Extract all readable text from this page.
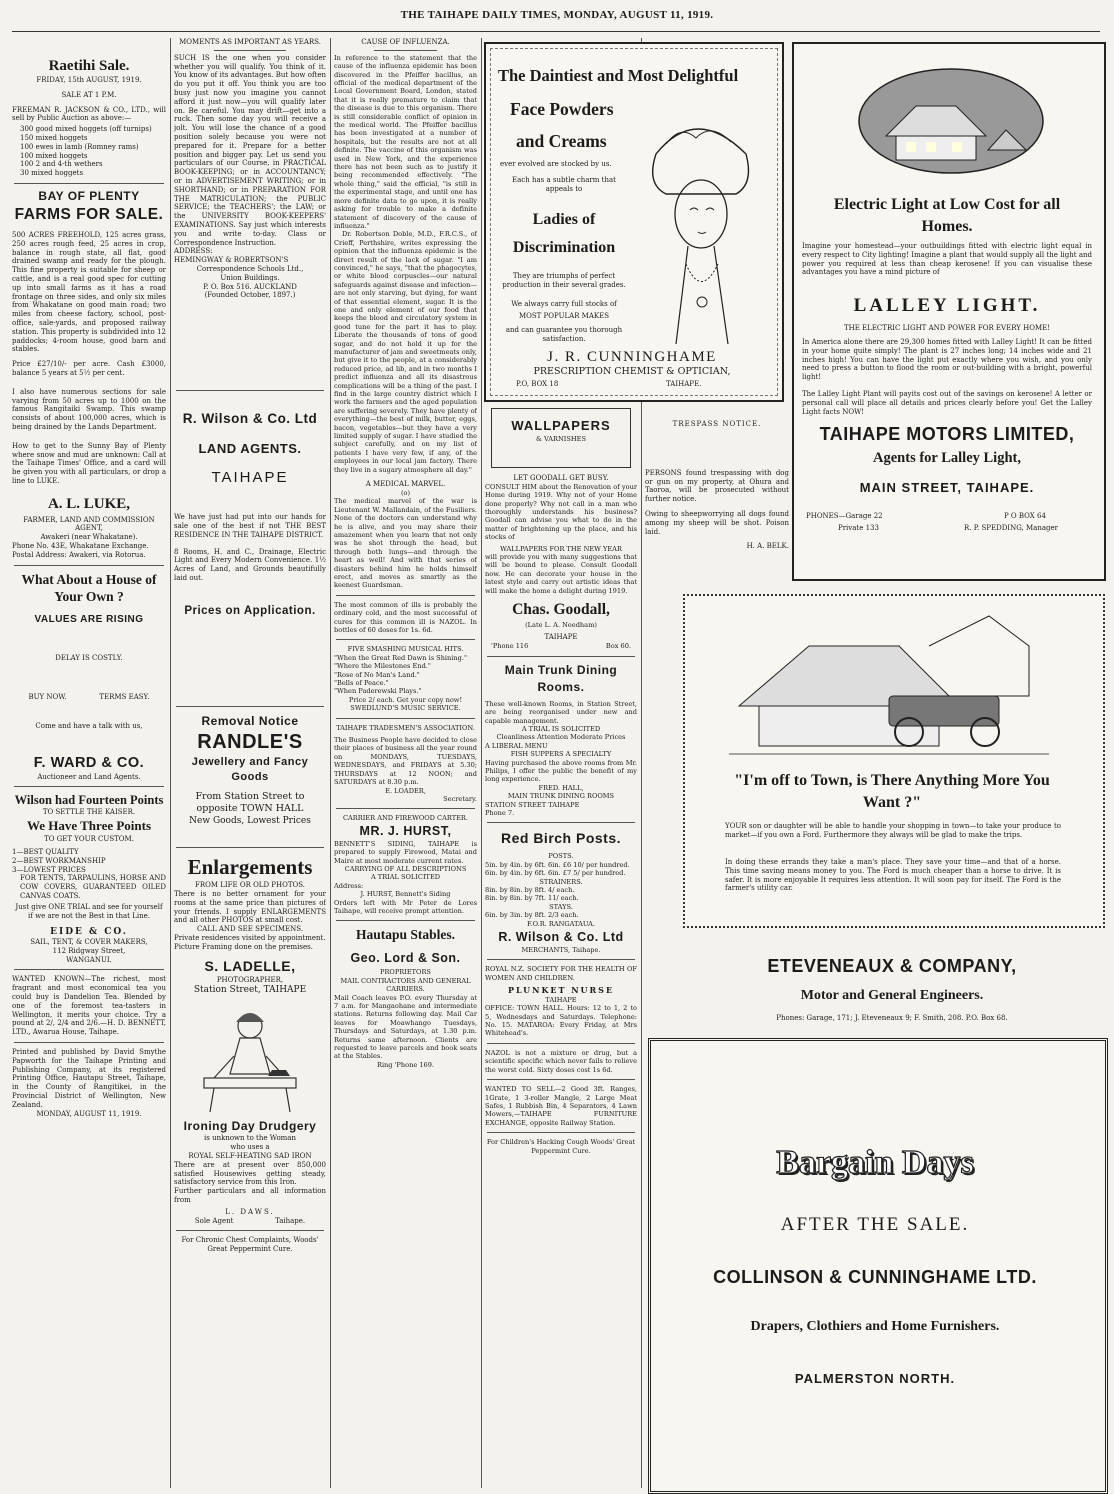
THE TAIHAPE DAILY TIMES, MONDAY, AUGUST 11, 1919.
Raetihi Sale.
FRIDAY, 15th AUGUST, 1919.
SALE AT 1 P.M.
FREEMAN R. JACKSON & CO., LTD., will sell by Public Auction as above:—
300 good mixed hoggets (off turnips)
150 mixed hoggets
100 ewes in lamb (Romney rams)
100 mixed hoggets
100 2 and 4-th wethers
30 mixed hoggets
BAY OF PLENTY
FARMS FOR SALE.
500 ACRES FREEHOLD, 125 acres grass, 250 acres rough feed, 25 acres in crop, balance in rough state, all flat, good drained swamp and ready for the plough. This fine property is suitable for sheep or cattle, and is a real good spec for cutting up into small farms as it has a road frontage on three sides, and only six miles from Whakatane on good main road; two miles from cheese factory, school, post-office, sale-yards, and proposed railway station. This property is subdivided into 12 paddocks; 4-room house, good barn and stables.
Price £27/10/- per acre. Cash £3000, balance 5 years at 5½ per cent.
I also have numerous sections for sale varying from 50 acres up to 1000 on the famous Rangitaiki Swamp. This swamp consists of about 100,000 acres, which is being drained by the Lands Department.
How to get to the Sunny Bay of Plenty where snow and mud are unknown: Call at the Taihape Times' Office, and a card will be given you with all particulars, or drop a line to LUKE.
A. L. LUKE,
FARMER, LAND AND COMMISSION AGENT,
Awakeri (near Whakatane).
Phone No. 43E, Whakatane Exchange.
Postal Address: Awakeri, via Rotorua.
What About a House of Your Own ?
VALUES ARE RISING
DELAY IS COSTLY.
BUY NOW.	TERMS EASY.
Come and have a talk with us,
F. WARD & CO.
Auctioneer and Land Agents.
Wilson had Fourteen Points
TO SETTLE THE KAISER.
We Have Three Points
TO GET YOUR CUSTOM.
1—BEST QUALITY
2—BEST WORKMANSHIP
3—LOWEST PRICES
FOR TENTS, TARPAULINS, HORSE AND COW COVERS, GUARANTEED OILED CANVAS COATS.
Just give ONE TRIAL and see for yourself if we are not the Best in that Line.
EIDE & CO.
SAIL, TENT, & COVER MAKERS,
112 Ridgway Street,
WANGANUI.
WANTED KNOWN—The richest, most fragrant and most economical tea you could buy is Dandelion Tea. Blended by one of the foremost tea-tasters in Wellington, it merits your choice. Try a pound at 2/, 2/4 and 2/6.—H. D. BENNETT, LTD., Awarua House, Taihape.
Printed and published by David Smythe Papworth for the Taihape Printing and Publishing Company, at its registered Printing Office, Hautapu Street, Taihape, in the County of Rangitikei, in the Provincial District of Wellington, New Zealand.
MONDAY, AUGUST 11, 1919.
MOMENTS AS IMPORTANT AS YEARS.
SUCH IS the one when you consider whether you will qualify. You think of it. You know of its advantages. But how often do you put it off. You think you are too busy just now you imagine you cannot afford it just now—you will qualify later on. Be careful. You may drift—get into a ruck. Then some day you will receive a jolt. You will lose the chance of a good position solely because you were not prepared for it. Prepare for a better position and bigger pay. Let us send you particulars of our Course, in PRACTICAL BOOK-KEEPING; or in ACCOUNTANCY; or in ADVERTISEMENT WRITING; or in SHORTHAND; or in PREPARATION FOR THE MATRICULATION; the PUBLIC SERVICE; the TEACHERS'; the LAW; or the UNIVERSITY BOOK-KEEPERS' EXAMINATIONS. Say just which interests you and write to-day. Class or Correspondence Instruction.
ADDRESS:
HEMINGWAY & ROBERTSON'S
Correspondence Schools Ltd.,
Union Buildings.
P. O. Box 516. AUCKLAND
(Founded October, 1897.)
R. Wilson & Co. Ltd
LAND AGENTS.
TAIHAPE
We have just had put into our hands for sale one of the best if not THE BEST RESIDENCE IN THE TAIHAPE DISTRICT.
8 Rooms, H. and C., Drainage, Electric Light and Every Modern Convenience. 1½ Acres of Land, and Grounds beautifully laid out.
Prices on Application.
Removal Notice
RANDLE'S
Jewellery and Fancy Goods
From Station Street to opposite TOWN HALL
New Goods, Lowest Prices
Enlargements
FROM LIFE OR OLD PHOTOS.
There is no better ornament for your rooms at the same price than pictures of your friends. I supply ENLARGEMENTS and all other PHOTOS at small cost.
CALL AND SEE SPECIMENS.
Private residences visited by appointment.
Picture Framing done on the premises.
S. LADELLE,
PHOTOGRAPHER,
Station Street, TAIHAPE
Ironing Day Drudgery
is unknown to the Woman
who uses a
ROYAL SELF-HEATING SAD IRON
There are at present over 850,000 satisfied Housewives getting steady, satisfactory service from this Iron.
Further particulars and all information from
L. DAWS.
Sole Agent	Taihape.
For Chronic Chest Complaints, Woods' Great Peppermint Cure.
CAUSE OF INFLUENZA.
In reference to the statement that the cause of the influenza epidemic has been discovered in the Pfeiffer bacillus, an official of the medical department of the Local Government Board, London, stated that it is really premature to claim that the disease is due to this organism. There is still considerable conflict of opinion in the medical world. The Pfeiffer bacillus has been investigated at a number of hospitals, but the results are not at all definite. The vaccine of this organism was used in New York, and the experience there has not been such as to justify it being recommended effectively. "The whole thing," said the official, "is still in the experimental stage, and until one has more definite data to go upon, it is really asking for trouble to make a definite statement of discovery of the cause of influenza."
Dr. Robertson Doble, M.D., F.R.C.S., of Crieff, Perthshire, writes expressing the opinion that the influenza epidemic is the direct result of the lack of sugar. "I am convinced," he says, "that the phagocytes, or white blood corpuscles—our natural safeguards against disease and infection—are not only starving, but dying, for want of that essential element, sugar. It is the one and only element of our food that keeps the blood and circulatory system in good tune for the part it has to play. Liberate the thousands of tons of good sugar, and do not hold it up for the manufacturer of jam and sweetmeats only, but give it to the people, at a considerably reduced price, ad lib, and in two months I predict influenza and all its disastrous complications will be a thing of the past. I find in the large country district which I work the farmers and the aged population are suffering severely. They have plenty of everything—the best of milk, butter, eggs, bacon, vegetables—but they have a very limited supply of sugar. I have studied the subject carefully, and on my list of patients I have very few, if any, of the employees in our local jam factory. There they live in a sugary atmosphere all day."
A MEDICAL MARVEL.
(o)
The medical marvel of the war is Lieutenant W. Mallandain, of the Fusiliers. None of the doctors can understand why he is alive, and you may share their amazement when you learn that not only was he shot through the head, but through both lungs—and through the heart as well! And with that series of disasters behind him he holds himself erect, and moves as smartly as the keenest Guardsman.
The most common of ills is probably the ordinary cold, and the most successful of cures for this common ill is NAZOL. In bottles of 60 doses for 1s. 6d.
FIVE SMASHING MUSICAL HITS.
"When the Great Red Dawn is Shining."
"Where the Milestones End."
"Rose of No Man's Land."
"Bells of Peace."
"When Paderewski Plays."
Price 2/ each. Get your copy now!
SWEDLUND'S MUSIC SERVICE.
TAIHAPE TRADESMEN'S ASSOCIATION.
The Business People have decided to close their places of business all the year round on MONDAYS, TUESDAYS, WEDNESDAYS, and FRIDAYS at 5.30; THURSDAYS at 12 NOON; and SATURDAYS at 8.30 p.m.
E. LOADER,
Secretary.
CARRIER AND FIREWOOD CARTER.
MR. J. HURST,
BENNETT'S SIDING, TAIHAPE is prepared to supply Firewood, Matai and Maire at most moderate current rates.
CARRYING OF ALL DESCRIPTIONS
A TRIAL SOLICITED
Address:
J. HURST, Bennett's Siding
Orders left with Mr Peter de Lores Taihape, will receive prompt attention.
Hautapu Stables.
Geo. Lord & Son.
PROPRIETORS
MAIL CONTRACTORS AND GENERAL CARRIERS.
Mail Coach leaves P.O. every Thursday at 7 a.m. for Mangaohane and intermediate stations. Returns following day. Mail Car leaves for Moawhango Tuesdays, Thursdays and Saturdays, at 1.30 p.m. Returns same afternoon. Clients are requested to leave parcels and book seats at the Stables.
Ring 'Phone 169.
The Daintiest and Most Delightful
Face Powders
and Creams
ever evolved are stocked by us.
Each has a subtle charm that appeals to
Ladies of Discrimination
They are triumphs of perfect production in their several grades.
We always carry full stocks of
MOST POPULAR MAKES
and can guarantee you thorough satisfaction.
J. R. CUNNINGHAME
PRESCRIPTION CHEMIST & OPTICIAN,
P.O, BOX 18	TAIHAPE.
WALLPAPERS
& VARNISHES
LET GOODALL GET BUSY.
CONSULT HIM about the Renovation of your Home during 1919. Why not of your Home done properly? Why not call in a man who thoroughly understands his business? Goodall can advise you what to do in the matter of brightening up the place, and his stocks of
WALLPAPERS FOR THE NEW YEAR
will provide you with many suggestions that will be bound to please. Consult Goodall now. He can decorate your house in the latest style and carry out artistic ideas that will make the home a delight during 1919.
Chas. Goodall,
(Late L. A. Needham)
TAIHAPE
'Phone 116	Box 60.
Main Trunk Dining Rooms.
These well-known Rooms, in Station Street, are being reorganised under new and capable management.
A TRIAL IS SOLICITED
Cleanliness Attention Moderate Prices
A LIBERAL MENU
FISH SUPPERS A SPECIALTY
Having purchased the above rooms from Mr. Philips, I offer the public the benefit of my long experience.
FRED. HALL,
MAIN TRUNK DINING ROOMS
STATION STREET TAIHAPE
Phone 7.
Red Birch Posts.
POSTS.
5in. by 4in. by 6ft. 6in. £6 10/ per hundred.
6in. by 4in. by 6ft. 6in. £7 5/ per hundred.
STRAINERS.
8in. by 8in. by 8ft. 4/ each.
8in. by 8in. by 7ft. 11/ each.
STAYS.
6in. by 3in. by 8ft. 2/3 each.
F.O.R. RANGATAUA.
R. Wilson & Co. Ltd
MERCHANTS, Taihape.
ROYAL N.Z. SOCIETY FOR THE HEALTH OF WOMEN AND CHILDREN.
PLUNKET NURSE
TAIHAPE
OFFICE: TOWN HALL. Hours: 12 to 1, 2 to 5, Wednesdays and Saturdays. Telephone: No. 15. MATAROA: Every Friday, at Mrs Whitehead's.
NAZOL is not a mixture or drug, but a scientific specific which never fails to relieve the worst cold. Sixty doses cost 1s 6d.
WANTED TO SELL—2 Good 3ft. Ranges, 1Grate, 1 3-roller Mangle, 2 Large Meat Safes, 1 Rubbish Bin, 4 Separators, 4 Lawn Mowers,—TAIHAPE FURNITURE EXCHANGE, opposite Railway Station.
For Children's Hacking Cough Woods' Great Peppermint Cure.
Electric Light at Low Cost for all Homes.
Imagine your homestead—your outbuildings fitted with electric light equal in every respect to City lighting! Imagine a plant that would supply all the light and power you required at less than cheap kerosene! If you can visualise these advantages you have a mind picture of
LALLEY LIGHT.
THE ELECTRIC LIGHT AND POWER FOR EVERY HOME!
In America alone there are 29,300 homes fitted with Lalley Light! It can be fitted in your home quite simply! The plant is 27 inches long; 14 inches wide and 21 inches high! You can have the light put exactly where you wish, and you only need to press a button to flood the room or out-building with a bright, powerful light!
The Lalley Light Plant will payits cost out of the savings on kerosene! A letter or personal call will place all details and prices clearly before you! Get the Lalley Light facts NOW!
TAIHAPE MOTORS LIMITED,
Agents for Lalley Light,
MAIN STREET, TAIHAPE.
PHONES—Garage 22
Private 133
P O BOX 64
R. P. SPEDDING, Manager
TRESPASS NOTICE.
PERSONS found trespassing with dog or gun on my property, at Ohura and Taoroa, will be prosecuted without further notice.
Owing to sheepworrying all dogs found among my sheep will be shot. Poison laid.
H. A. BELK.
"I'm off to Town, is There Anything More You Want ?"
YOUR son or daughter will be able to handle your shopping in town—to take your produce to market—if you own a Ford. Furthermore they always will be glad to make the trips.
In doing these errands they take a man's place. They save your time—and that of a horse. This time saving means money to you. The Ford is much cheaper than a horse to drive. It is safer. It is more enjoyable It requires less attention. It will soon pay for itself. The Ford is the farmer's utility car.
ETEVENEAUX & COMPANY,
Motor and General Engineers.
Phones: Garage, 171; J. Eteveneaux 9; F. Smith, 208. P.O. Box 68.
Bargain Days
AFTER THE SALE.
COLLINSON & CUNNINGHAME LTD.
Drapers, Clothiers and Home Furnishers.
PALMERSTON NORTH.
